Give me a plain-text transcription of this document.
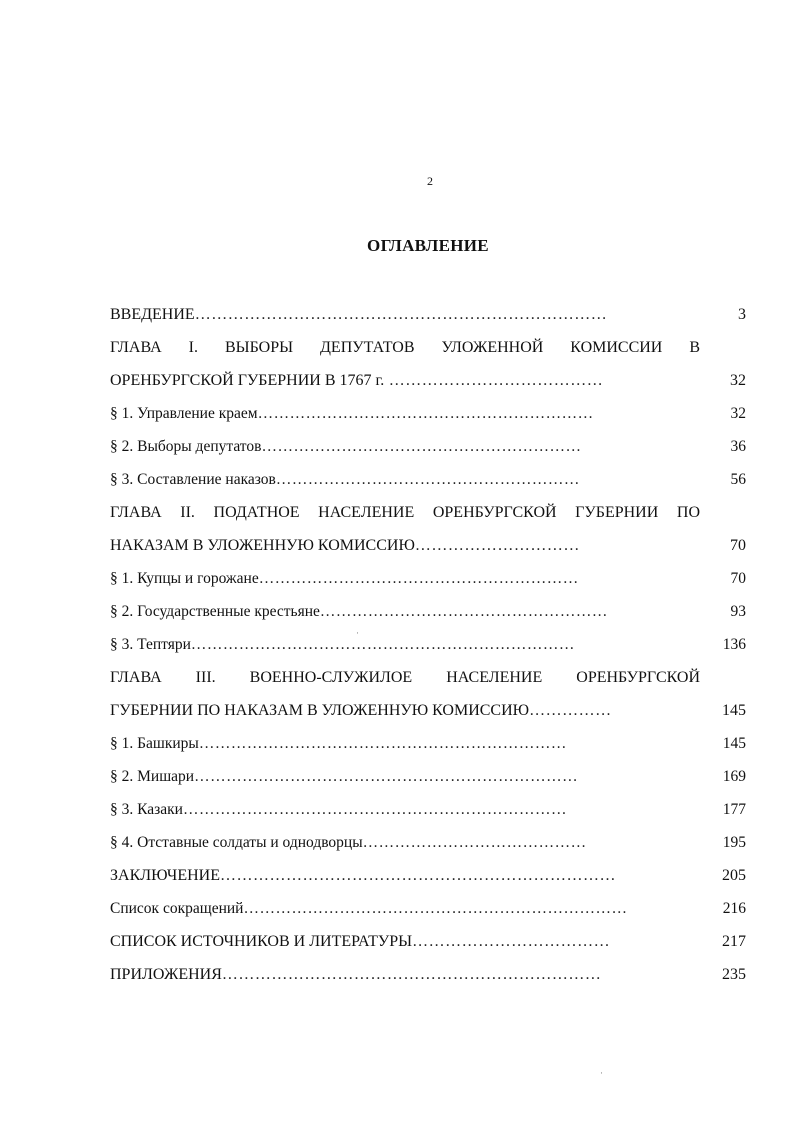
2
ОГЛАВЛЕНИЕ
ВВЕДЕНИЕ…………………………………………………………………	3
ГЛАВА I. ВЫБОРЫ ДЕПУТАТОВ УЛОЖЕННОЙ КОМИССИИ В
ОРЕНБУРГСКОЙ ГУБЕРНИИ В 1767 г. …………………………………	32
§ 1. Управление краем………………………………………………………	32
§ 2. Выборы депутатов……………………………………………………	36
§ 3. Составление наказов…………………………………………………	56
ГЛАВА II. ПОДАТНОЕ НАСЕЛЕНИЕ ОРЕНБУРГСКОЙ ГУБЕРНИИ ПО
НАКАЗАМ В УЛОЖЕННУЮ КОМИССИЮ…………………………	70
§ 1. Купцы и горожане……………………………………………………	70
§ 2. Государственные крестьяне………………………………………………	93
§ 3. Тептяри………………………………………………………………	136
ГЛАВА III. ВОЕННО-СЛУЖИЛОЕ НАСЕЛЕНИЕ ОРЕНБУРГСКОЙ
ГУБЕРНИИ ПО НАКАЗАМ В УЛОЖЕННУЮ КОМИССИЮ……………	145
§ 1. Башкиры……………………………………………………………	145
§ 2. Мишари………………………………………………………………	169
§ 3. Казаки………………………………………………………………	177
§ 4. Отставные солдаты и однодворцы……………………………………	195
ЗАКЛЮЧЕНИЕ………………………………………………………………	205
Список сокращений………………………………………………………………	216
СПИСОК ИСТОЧНИКОВ И ЛИТЕРАТУРЫ………………………………	217
ПРИЛОЖЕНИЯ……………………………………………………………	235
·
·
